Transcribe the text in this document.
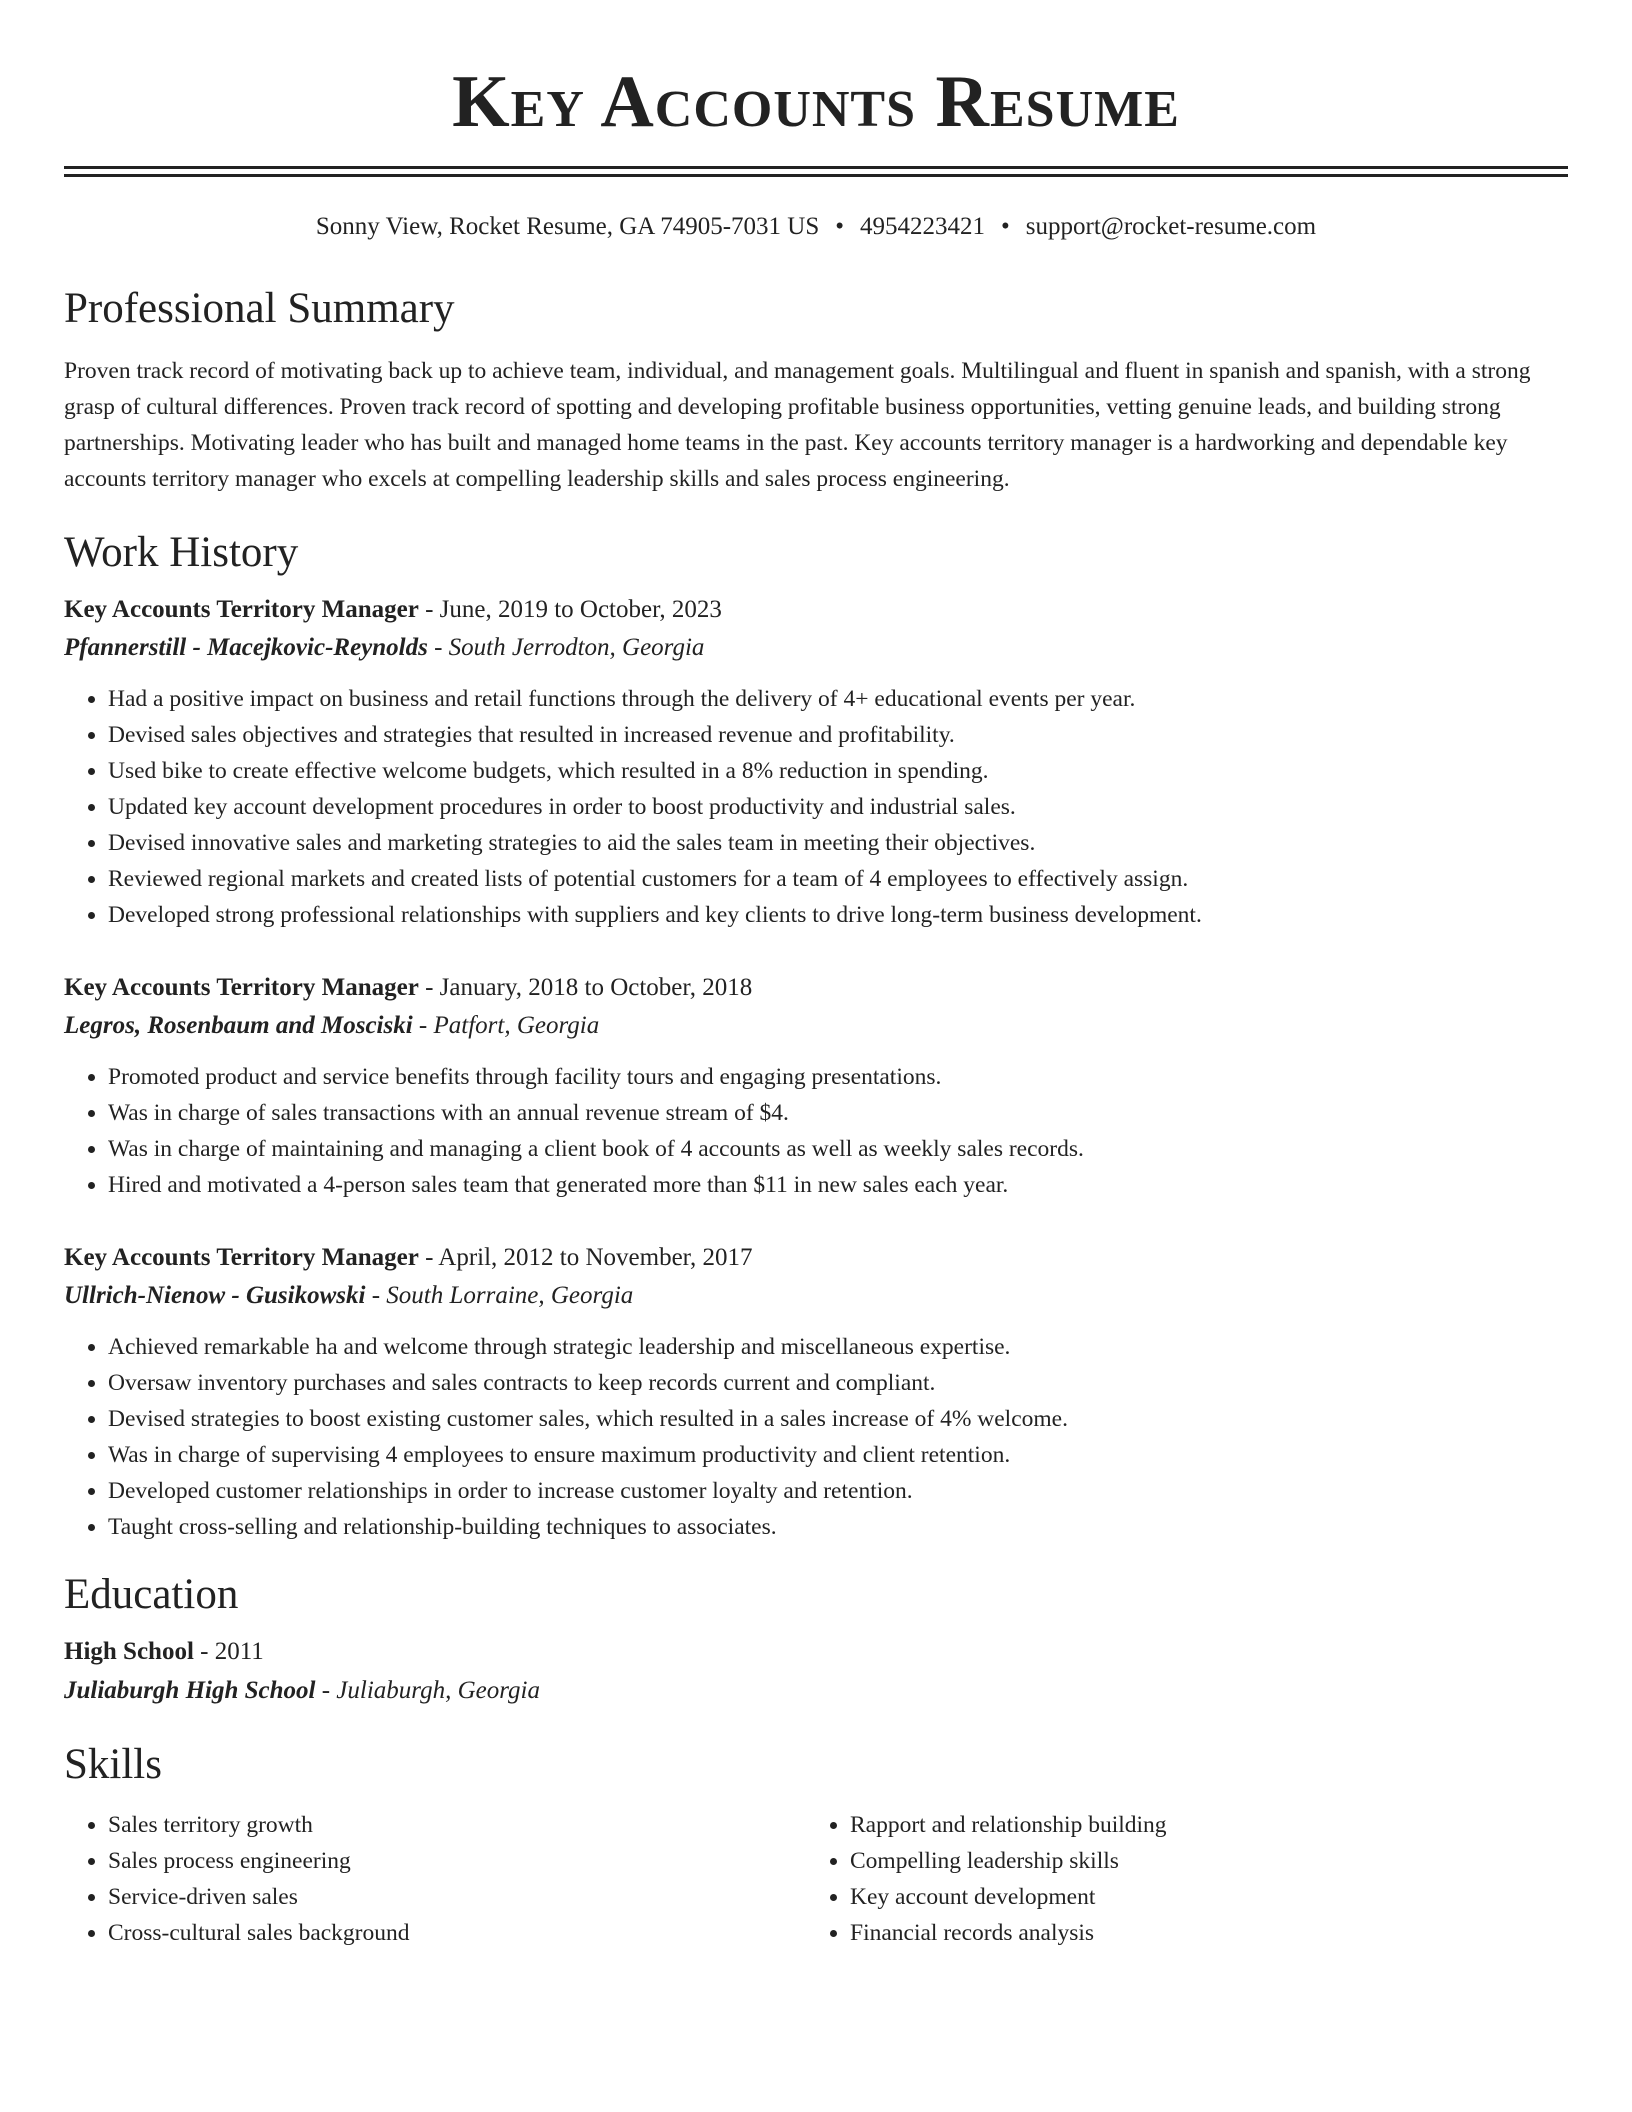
Key Accounts Resume
Sonny View, Rocket Resume, GA 74905-7031 US • 4954223421 • support@rocket-resume.com
Professional Summary

Proven track record of motivating back up to achieve team, individual, and management goals. Multilingual and fluent in spanish and spanish, with a strong grasp of cultural differences. Proven track record of spotting and developing profitable business opportunities, vetting genuine leads, and building strong partnerships. Motivating leader who has built and managed home teams in the past. Key accounts territory manager is a hardworking and dependable key accounts territory manager who excels at compelling leadership skills and sales process engineering.

Work History
Key Accounts Territory Manager - June, 2019 to October, 2023
Pfannerstill - Macejkovic-Reynolds - South Jerrodton, Georgia
• Had a positive impact on business and retail functions through the delivery of 4+ educational events per year.
• Devised sales objectives and strategies that resulted in increased revenue and profitability.
• Used bike to create effective welcome budgets, which resulted in a 8% reduction in spending.
• Updated key account development procedures in order to boost productivity and industrial sales.
• Devised innovative sales and marketing strategies to aid the sales team in meeting their objectives.
• Reviewed regional markets and created lists of potential customers for a team of 4 employees to effectively assign.
• Developed strong professional relationships with suppliers and key clients to drive long-term business development.
Key Accounts Territory Manager - January, 2018 to October, 2018
Legros, Rosenbaum and Mosciski - Patfort, Georgia
• Promoted product and service benefits through facility tours and engaging presentations.
• Was in charge of sales transactions with an annual revenue stream of $4.
• Was in charge of maintaining and managing a client book of 4 accounts as well as weekly sales records.
• Hired and motivated a 4-person sales team that generated more than $11 in new sales each year.
Key Accounts Territory Manager - April, 2012 to November, 2017
Ullrich-Nienow - Gusikowski - South Lorraine, Georgia
• Achieved remarkable ha and welcome through strategic leadership and miscellaneous expertise.
• Oversaw inventory purchases and sales contracts to keep records current and compliant.
• Devised strategies to boost existing customer sales, which resulted in a sales increase of 4% welcome.
• Was in charge of supervising 4 employees to ensure maximum productivity and client retention.
• Developed customer relationships in order to increase customer loyalty and retention.
• Taught cross-selling and relationship-building techniques to associates.
Education
High School - 2011
Juliaburgh High School - Juliaburgh, Georgia
Skills
• Sales territory growth
• Sales process engineering
• Service-driven sales
• Cross-cultural sales background
• Rapport and relationship building
• Compelling leadership skills
• Key account development
• Financial records analysis
